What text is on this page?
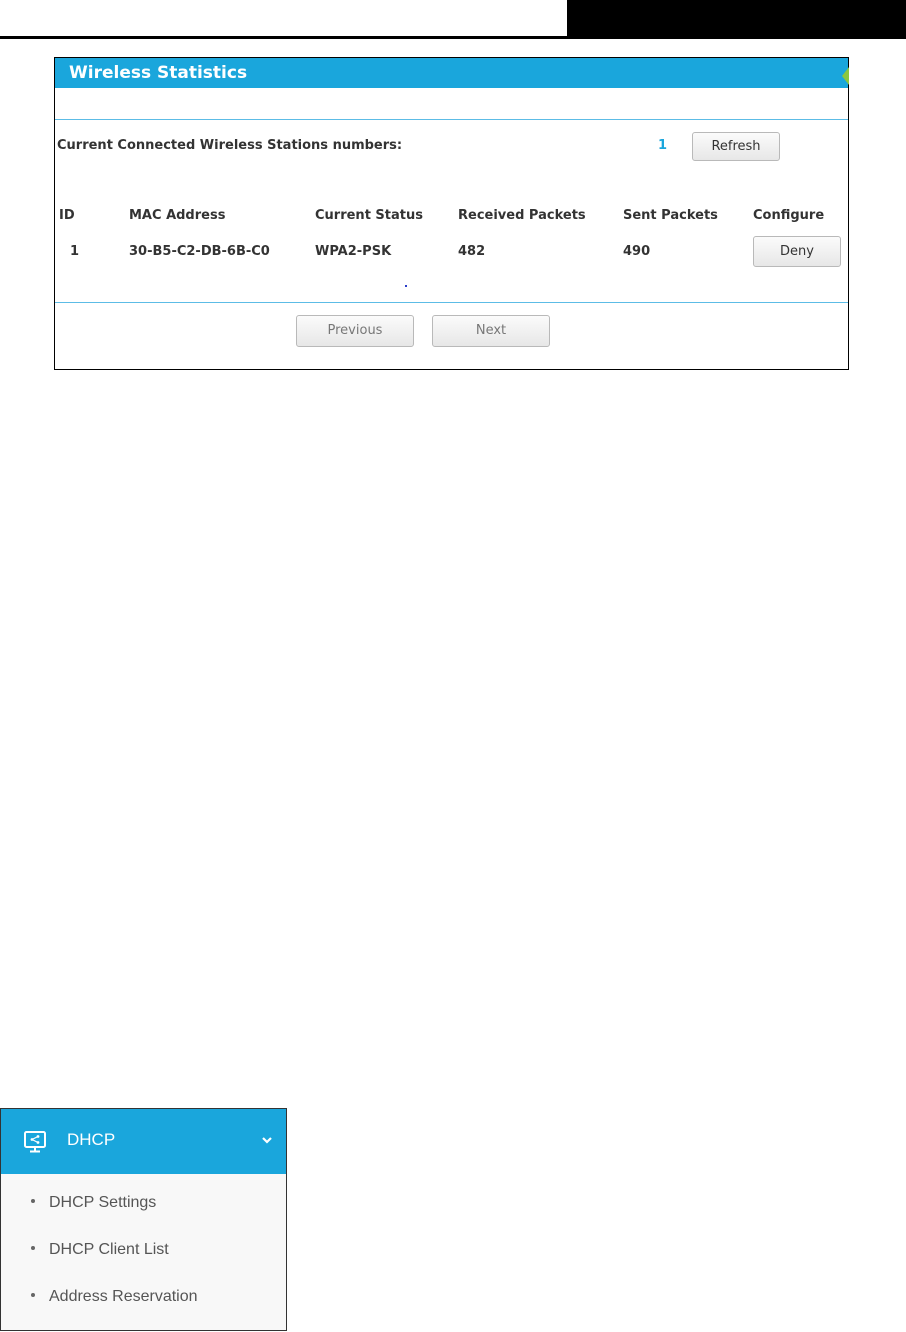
Wireless Statistics
Current Connected Wireless Stations numbers:	1	Refresh
ID	MAC Address	Current Status	Received Packets	Sent Packets	Configure
1	30-B5-C2-DB-6B-C0	WPA2-PSK	482	490	Deny
Previous	Next
DHCP
DHCP Settings
DHCP Client List
Address Reservation
